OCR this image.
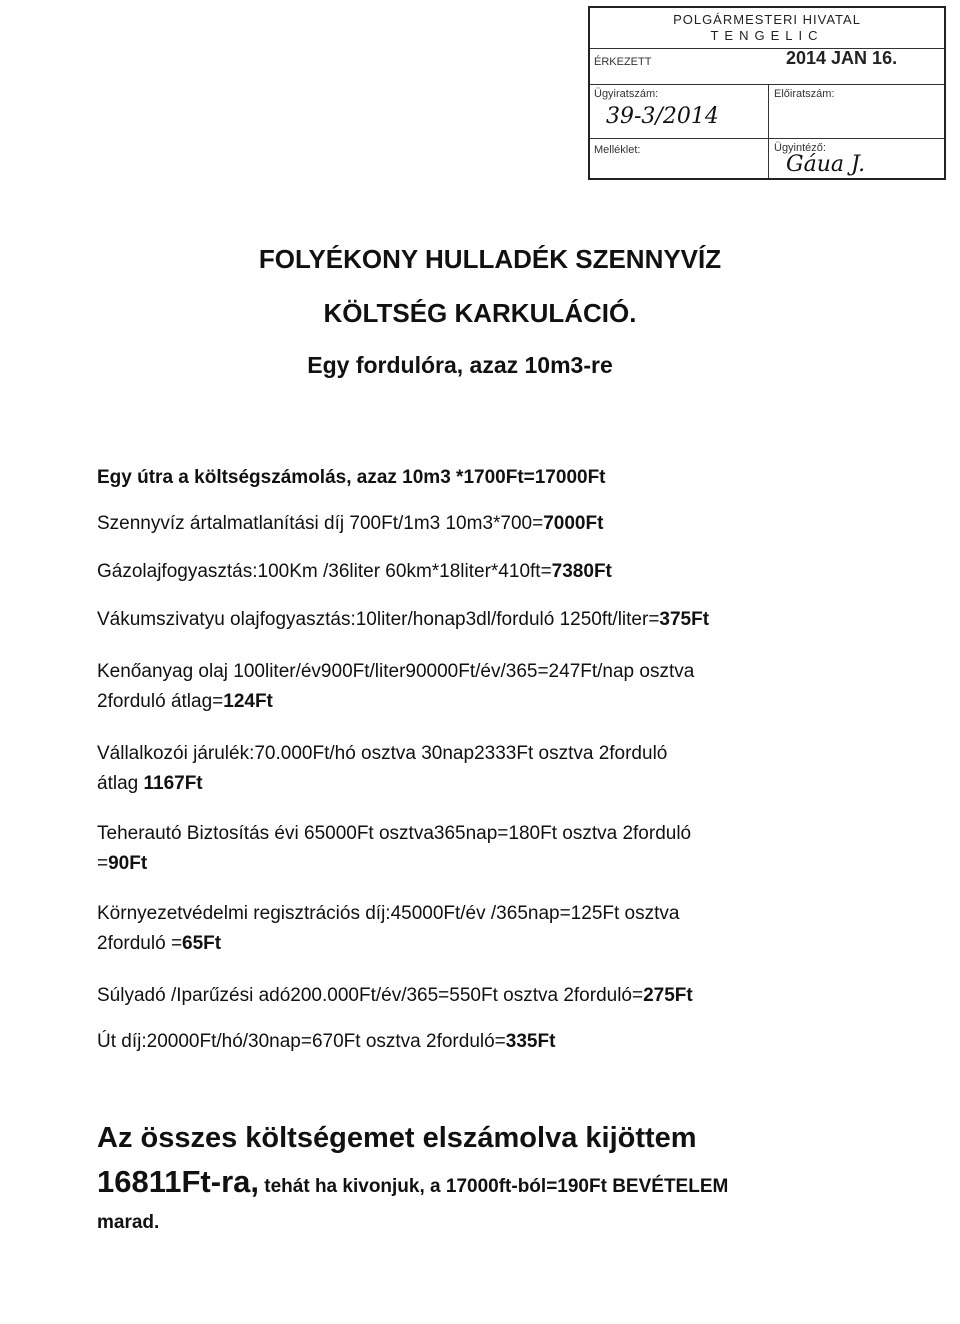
POLGÁRMESTERI HIVATAL
TENGELIC
ÉRKEZETT	2014 JAN 16.
Ügyiratszám:
39-3/2014
Előiratszám:
Melléklet:	Ügyintéző:
Gáua J.
FOLYÉKONY HULLADÉK SZENNYVÍZ
KÖLTSÉG KARKULÁCIÓ.
Egy fordulóra, azaz 10m3-re
Egy útra a költségszámolás, azaz 10m3 *1700Ft=17000Ft
Szennyvíz ártalmatlanítási díj 700Ft/1m3 10m3*700=7000Ft
Gázolajfogyasztás:100Km /36liter 60km*18liter*410ft=7380Ft
Vákumszivatyu olajfogyasztás:10liter/honap3dl/forduló 1250ft/liter=375Ft
Kenőanyag olaj 100liter/év900Ft/liter90000Ft/év/365=247Ft/nap osztva
2forduló átlag=124Ft
Vállalkozói járulék:70.000Ft/hó osztva 30nap2333Ft osztva 2forduló
átlag 1167Ft
Teherautó Biztosítás évi 65000Ft osztva365nap=180Ft osztva 2forduló
=90Ft
Környezetvédelmi regisztrációs díj:45000Ft/év /365nap=125Ft osztva
2forduló =65Ft
Súlyadó /Iparűzési adó200.000Ft/év/365=550Ft osztva 2forduló=275Ft
Út díj:20000Ft/hó/30nap=670Ft osztva 2forduló=335Ft
Az összes költségemet elszámolva kijöttem
16811Ft-ra, tehát ha kivonjuk, a 17000ft-ból=190Ft BEVÉTELEM
marad.
